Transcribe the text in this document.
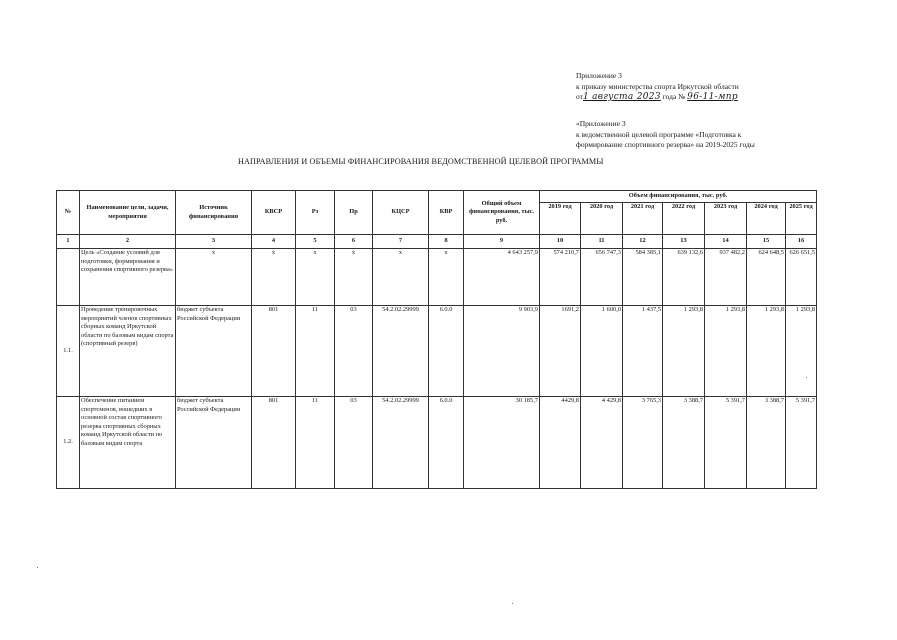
Приложение 3
к приказу министерства спорта Иркутской области
от1 августа 2023 года № 96-11-мпр
«Приложение 3
к ведомственной целевой программе «Подготовка к
формирование спортивного резерва» на 2019-2025 годы
НАПРАВЛЕНИЯ И ОБЪЕМЫ ФИНАНСИРОВАНИЯ ВЕДОМСТВЕННОЙ ЦЕЛЕВОЙ ПРОГРАММЫ
№	Наименование цели, задачи, мероприятия	Источник финансирования	КВСР	Рз	Пр	КЦСР	КВР	Общий объем финансирования, тыс. руб.	Объем финансирования, тыс. руб.						
									2019 год	2020 год	2021 год	2022 год	2023 год	2024 год	2025 год
1	2	3	4	5	6	7	8	9	10	11	12	13	14	15	16
	Цель «Создание условий для подготовки, формирования и сохранения спортивного резерва»	х	х	х	х	х	х	4 643 257,9	574 210,7	656 747,3	584 385,1	639 132,6	937 482,2	624 648,5	626 651,5
1.1.	Проведение тренировочных мероприятий членов спортивных сборных команд Иркутской области по базовым видам спорта (спортивный резерв)	бюджет субъекта Российской Федерации	801	11	03	54.2.02.29999	6.0.0	9 903,9	1691,2	1 600,0	1 437,5	1 293,8	1 293,8	1 293,8	1 293,8
1.2.	Обеспечение питанием спортсменов, вошедших в основной состав спортивного резерва спортивных сборных команд Иркутской области по базовым видам спорта	бюджет субъекта Российской Федерации	801	11	03	54.2.02.29999	6.0.0	30 185,7	4429,8	4 429,8	3 765,3	3 388,7	5 391,7	3 388,7	5 391,7
